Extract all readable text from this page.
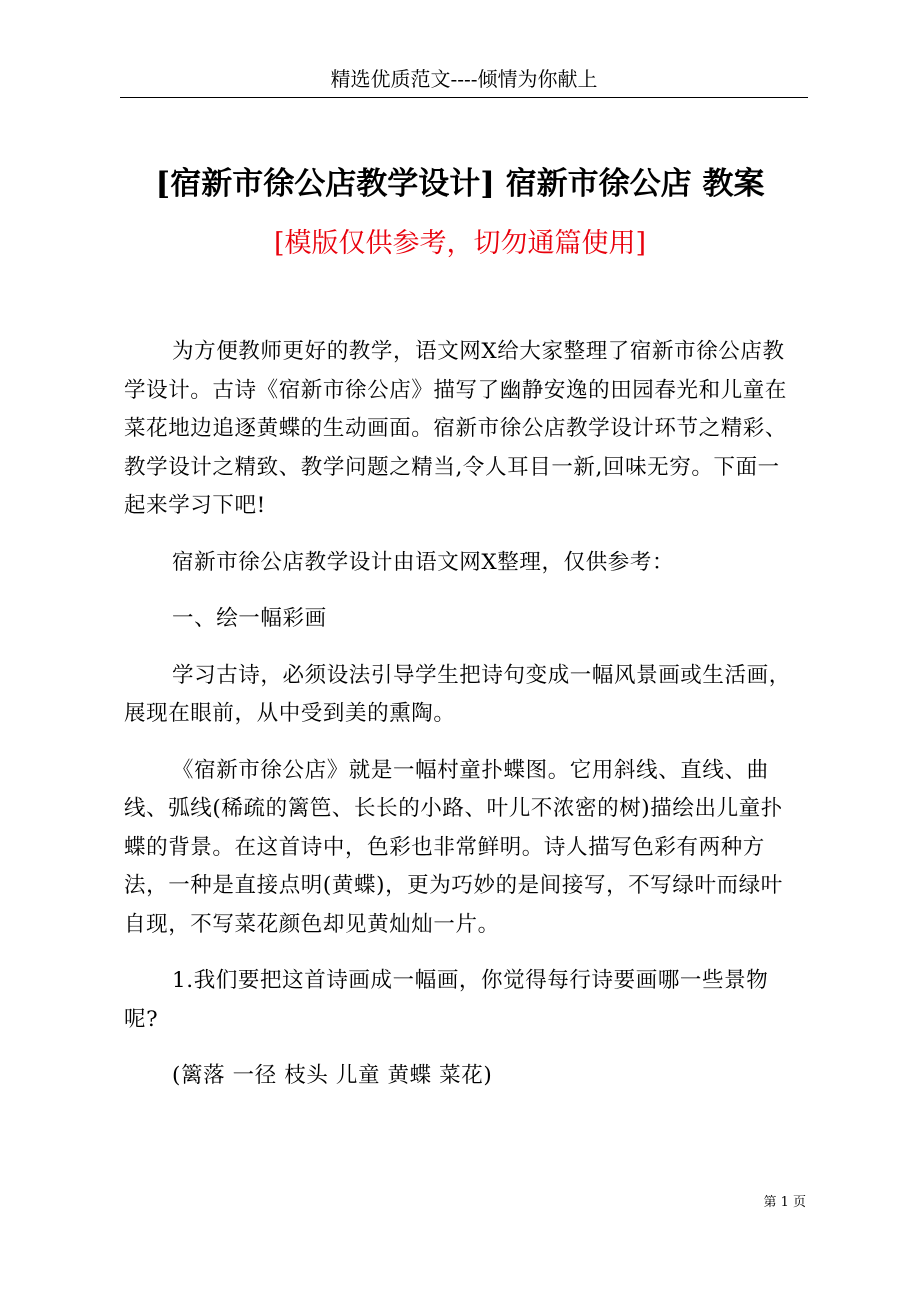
精选优质范文----倾情为你献上
[宿新市徐公店教学设计] 宿新市徐公店 教案
[模版仅供参考，切勿通篇使用]

为方便教师更好的教学，语文网X给大家整理了宿新市徐公店教学设计。古诗《宿新市徐公店》描写了幽静安逸的田园春光和儿童在菜花地边追逐黄蝶的生动画面。宿新市徐公店教学设计环节之精彩、教学设计之精致、教学问题之精当,令人耳目一新,回味无穷。下面一起来学习下吧!

宿新市徐公店教学设计由语文网X整理，仅供参考：

一、绘一幅彩画

学习古诗，必须设法引导学生把诗句变成一幅风景画或生活画，展现在眼前，从中受到美的熏陶。

《宿新市徐公店》就是一幅村童扑蝶图。它用斜线、直线、曲线、弧线(稀疏的篱笆、长长的小路、叶儿不浓密的树)描绘出儿童扑蝶的背景。在这首诗中，色彩也非常鲜明。诗人描写色彩有两种方法，一种是直接点明(黄蝶)，更为巧妙的是间接写，不写绿叶而绿叶自现，不写菜花颜色却见黄灿灿一片。

1.我们要把这首诗画成一幅画，你觉得每行诗要画哪一些景物呢?

(篱落 一径 枝头 儿童 黄蝶 菜花)

第 1 页
